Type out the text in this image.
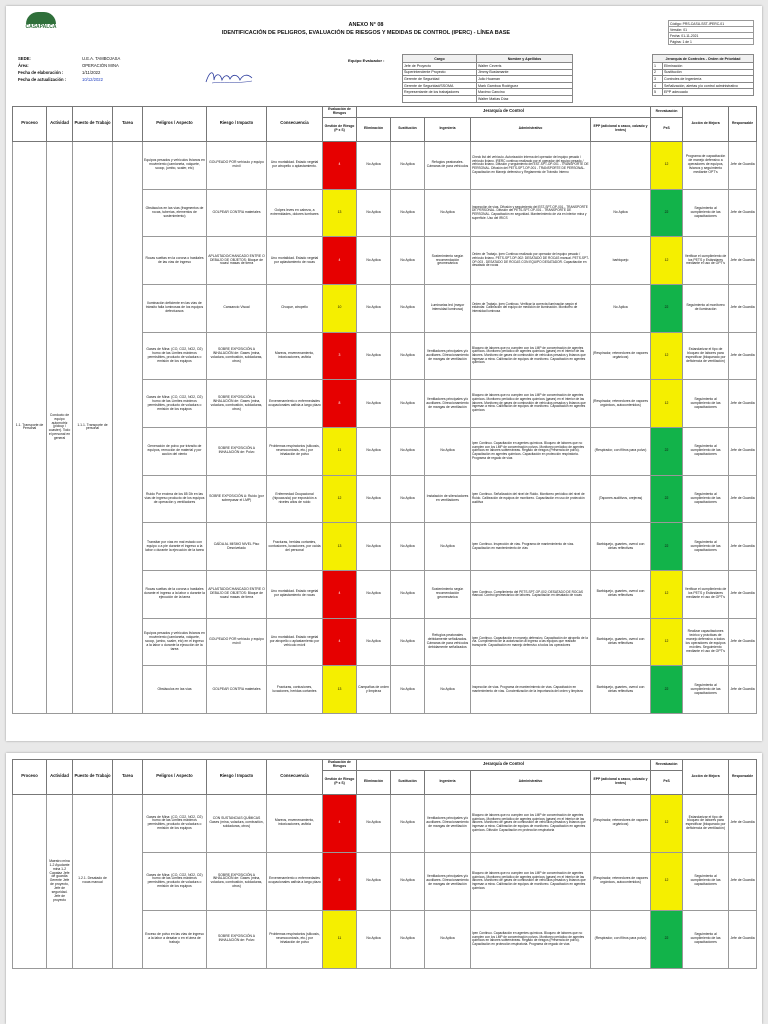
CASAPALCA	ANEXO N° 08
IDENTIFICACIÓN DE PELIGROS, EVALUACIÓN DE RIESGOS Y MEDIDAS DE CONTROL (IPERC) - LÍNEA BASE
Código: PRS-CASU-SST-IPERC-01
Versión: 01
Fecha: 01-11-2021
Página: 1 de 1
SEDE:	U.E.A. TAMBOJASA
Área:	OPERACIÓN MINA
Fecha de elaboración :	1/11/2022
Fecha de actualización :	10/12/2022
Equipo Evaluador :	Cargo	Nombre y Apellidos
Jefe de Proyecto	Walter Ceveris
Superintendente Proyecto	Jimmy Bustamante
Gerente de Seguridad	Julio Huaman
Gerente de Seguridad/SSOMA	Mark Gamboa Rodriguez
Representante de los trabajadores	Maximo Cancino
	Walter Matías Díaz
Jerarquía de Controles - Orden de Prioridad	
1	Eliminación
2	Sustitución
3	Controles de Ingeniería
4	Señalización, alertas y/o control administrativo
5	EPP adecuado
Proceso	Actividad	Puesto de Trabajo	Tarea	Peligros / Aspecto	Riesgo / Impacto	Consecuencia	Evaluación de Riesgos	Jerarquía de Control					Reevaluación	Acción de Mejora	Responsable
							Gestión de Riesgo (P x S)	Eliminación	Sustitución	Ingeniería	Administrativo	EPP (adicional a casco, calzado y lentes)	PxS		
1.1. Transporte de Personal	Conducto de equipo automotriz (pickup / coaster). Todo el personal en general	1.1.1. Transporte de personal		Equipos pesados y vehículos livianos en movimiento (camioneta, volquete, scoop, jumbo, scaler, etc)	GOLPEADO POR vehículo y equipo móvil	Uno mortalidad. Estado vegetal por atropello o aplastamiento.	4	No Aplica	No Aplica	Refugios peatonales. Cámaras de para vehículos	Check list del vehículo. Autorización interna del operador del equipo pesado / vehículo liviano. IRERC continuo realizado por el operador del equipo pesado / vehículo liviano. Difusión y seguimiento del EST-SPT-OP-001 - TRANSPORTE DE PERSONAL. Difusión del PETS-SPT-OP-001 - TRANSPORTE DE PERSONAL. Capacitación en Manejo defensivo y Reglamento de Tránsito Interno		12	Programa de capacitación de manejo defensivo a operadores de equipos, livianos y seguimiento mediante OPT's	Jefe de Guardia
				Obstáculos en las vías (fragmentos de rocas, tuberías, elementos de sostenimiento)	GOLPEAR CONTRA materiales	Golpes leves en cabeza, a extremidades, dolores lumbares	13	No Aplica	No Aplica	No Aplica	Inspección de vías. Difusión y seguimiento del EST-SPT-OP-001 - TRANSPORTE DE PERSONAL. Difusión del PETS-SPT-OP-001 - TRANSPORTE DE PERSONAL. Capacitación en seguridad. Mantenimiento de vía en interior mina y superficie. Uso del IRICS	No Aplica	22	Seguimiento al cumplimiento de las capacitaciones	Jefe de Guardia
				Rocas sueltas en la corona o hastiales de las vías de ingreso	APLASTADO/CHANCADO ENTRE O DEBAJO DE OBJETOS: Bloque de rocas/ masas de tierra	Uno mortalidad. Estado vegetal por aplastamiento de rocas	4	No Aplica	No Aplica	Sostenimiento según recomendación geomecánica	Orden de Trabajo. Ipen Continuo realizado por operador del equipo pesado / vehículo liviano. PETS-SPT-OP-002: DESATADO DE ROCAS manual. PETS-SPT-OP-003 - DESATADO DE ROCAS CON EQUIPO DESATADOR. Capacitación en desatado de rocas	barbiquejo	12	Verificar el cumplimiento de los PETS y Estándares mediante el uso de OPT's	Jefe de Guardia
				Iluminación deficiente en las vías de tránsito falla luminosas de los equipos defectuosos	Cansancio Visual	Choque, atropello	10	No Aplica	No Aplica	Luminarias led (mayor intensidad luminosa)	Orden de Trabajo. Ipen Continuo. Verificar la correcta iluminación según el estándar. Calibración del equipo de medición de iluminación. Monitoreo de intensidad luminosa	No Aplica	22	Seguimiento al monitoreo de iluminación	Jefe de Guardia
				Gases de Mina: (CO, CO2, NO2, O2) humo de las Limites máximos permisibles, producto de voladura o emisión de los equipos	SOBRE EXPOSICIÓN A INHALACIÓN de: Gases (mina, voladura, combustión, soldaduras, otros)	Mareos, envenenamiento, intoxicaciones, asfixia	3	No Aplica	No Aplica	Ventiladores principales y/o auxiliares. Direccionamiento de mangas de ventilación	Bloqueo de labores que no cumplen con los LMP de concentración de agentes químicos. Monitoreo periódico de agentes químicos (gases) en el interior de las labores. Monitoreo de gases de combustión de vehículos pesados y livianos que ingresan a mina. Calibración de equipos de monitoreo. Capacitación en agentes químicos	(Respirador, retenedores de vapores orgánicos)	12	Estandarizar el tipo de bloqueo de labores para especificar (bloqueado por deficiencia de ventilación)	Jefe de Guardia
				Gases de Mina: (CO, CO2, NO2, O2) humo de las Limites máximos permisibles, producto de voladura o emisión de los equipos	SOBRE EXPOSICIÓN A INHALACIÓN de: Gases (mina, voladura, combustión, soldaduras, otros)	Envenenamiento o enfermedades ocupacionales asfixia a largo plazo	8	No Aplica	No Aplica	Ventiladores principales y/o auxiliares. Direccionamiento de mangas de ventilación	Bloqueo de labores que no cumplen con los LMP de concentración de agentes químicos. Monitoreo periódico de agentes químicos (gases) en el interior de las labores. Monitoreo de gases de combustión de vehículos pesados y livianos que ingresan a mina. Calibración de equipos de monitoreo. Capacitación en agentes químicos	(Respirador, retenedores de vapores orgánicos, autocontenidos)	12	Seguimiento al cumplimiento de las capacitaciones	Jefe de Guardia
				Generación de polvo por tránsito de equipos, remoción de material y por acción del viento	SOBRE EXPOSICIÓN A INHALACIÓN de: Polvo	Problemas respiratorios (silicosis, neumoconiosis, etc.) por inhalación de polvo	11	No Aplica	No Aplica	No Aplica	Ipen Continuo. Capacitación en agentes químicos. Bloqueo de labores que no cumplen con los LMP de concentración polvos. Monitoreo periódico de agentes químicos en labores subterráneas. Regado de riesgos (Presencia de polvo). Capacitación en agentes químicos. Capacitación en protección respiratoria. Programa de regado de vías	(Respirador, con filtros para polvo)	22	Seguimiento al cumplimiento de las capacitaciones	Jefe de Guardia
				Ruido Por encima de los 85 Db en las vías de ingreso producto de los equipos de operación y ventiladores	SOBRE EXPOSICIÓN A: Ruido (por sobrepasar el LMP)	Enfermedad Ocupacional (hipoacusia) por exposición a niveles altos de ruido	12	No Aplica	No Aplica	Instalación de silenciadores en ventiladores	Ipen Continuo. Señalización del nivel de Ruido. Monitoreo periódico del nivel de Ruido. Calibración de equipos de monitoreo. Capacitación en uso de protección auditiva	(Tapones auditivos, orejeras)	22	Seguimiento al cumplimiento de las capacitaciones	Jefe de Guardia
				Transitar por vías en mal estado con equipo o a pie durante el ingreso a la labor o durante la ejecución de la tarea	CAÍDA AL MISMO NIVEL Piso Desnivelado	Fracturas, heridas cortantes, contusiones, luxaciones, por caída del personal	13	No Aplica	No Aplica	No Aplica	Ipen Continuo. Inspección de vías. Programa de mantenimiento de vías. Capacitación en mantenimiento de vías	Barbiquejo, guantes, overol con cintas reflectivas	22	Seguimiento al cumplimiento de las capacitaciones	Jefe de Guardia
				Rocas sueltas de la corona o hastiales durante el ingreso a la labor o durante la ejecución de la tarea	APLASTADO/CHANCADO ENTRE O DEBAJO DE OBJETOS: Bloque de rocas/ masas de tierra	Uno mortalidad. Estado vegetal por aplastamiento de rocas	4	No Aplica	No Aplica	Sostenimiento según recomendación geomecánica	Ipen Continuo. Cumplimiento del PETS-SPT-OP-002: DESATADO DE ROCAS manual. Control geomecánico de labores. Capacitación en desatado de rocas	Barbiquejo, guantes, overol con cintas reflectivas	12	Verificar el cumplimiento de los PETS y Estándares mediante el uso de OPT's	Jefe de Guardia
				Equipos pesados y vehículos livianos en movimiento (camioneta, volquete, scoop, jumbo, scaler, etc) en el ingreso a la labor o durante la ejecución de la tarea	GOLPEADO POR vehículo y equipo móvil	Uno mortalidad. Estado vegetal por atropello o aplastamiento por vehículo móvil	4	No Aplica	No Aplica	Refugios peatonales debidamente señalizados. Cámaras de para vehículos debidamente señalizados	Ipen Continuo. Capacitación en manejo defensivo. Capacitación de atropello de la vía. Cumplimiento de la autorización al ingreso a las equipos que realizan transporte. Capacitación en manejo defensivo a todos los operadores	Barbiquejo, guantes, overol con cintas reflectivas	12	Realizar capacitaciones teórico y prácticas de manejo defensivo a todos los operadores de equipos móviles. Seguimiento mediante el uso de OPT's	Jefe de Guardia
				Obstáculos en las vías	GOLPEAR CONTRA materiales	Fracturas, contusiones, luxaciones, heridas cortantes	13	Campañas de orden y limpieza	No Aplica	No Aplica	Inspección de vías. Programa de mantenimiento de vías. Capacitación en mantenimiento de vías. Concientización de la importancia del orden y limpieza	Barbiquejo, guantes, overol con cintas reflectivas	22	Seguimiento al cumplimiento de las capacitaciones	Jefe de Guardia
Proceso	Actividad	Puesto de Trabajo	Tarea	Peligros / Aspecto	Riesgo / Impacto	Consecuencia	Evaluación de Riesgos	Jerarquía de Control					Reevaluación	Acción de Mejora	Responsable
							Gestión de Riesgo (P x S)	Eliminación	Sustitución	Ingeniería	Administrativo	EPP (adicional a casco, calzado y lentes)	PxS		
	Maestro mina 1-2 Ayudante mina 1-2 Capataz Jefe de guardia Gerente Jefe de proyecto, Jefe de seguridad. Jefe de proyecto	1.2.1. Desatado de rocas manual		Gases de Mina: (CO, CO2, NO2, O2) humo de las Limites máximos permisibles, producto de voladura o emisión de los equipos	CON SUSTANCIAS QUÍMICAS Gases (mina, voladura, combustión, soldaduras, otros)	Mareos, envenenamiento, intoxicaciones, asfixia	4	No Aplica	No Aplica	Ventiladores principales y/o auxiliares. Direccionamiento de mangas de ventilación	Bloqueo de labores que no cumplen con los LMP de concentración de agentes químicos. Monitoreo periódico de agentes químicos (gases) en el interior de las labores. Monitoreo de gases de combustión de vehículos pesados y livianos que ingresan a mina. Calibración de equipos de monitoreo. Capacitación en agentes químicos. Difusión Capacitación en protección respiratoria	(Respirador, retenedores de vapores orgánicos)	12	Estandarizar el tipo de bloqueo de labores para especificar (bloqueado por deficiencia de ventilación)	Jefe de Guardia
				Gases de Mina: (CO, CO2, NO2, O2) humo de las Limites máximos permisibles, producto de voladura o emisión de los equipos	SOBRE EXPOSICIÓN A INHALACIÓN de: Gases (mina, voladura, combustión, soldaduras, otros)	Envenenamiento o enfermedades ocupacionales asfixia a largo plazo	8	No Aplica	No Aplica	Ventiladores principales y/o auxiliares. Direccionamiento de mangas de ventilación	Bloqueo de labores que no cumplen con los LMP de concentración de agentes químicos. Monitoreo periódico de agentes químicos (gases) en el interior de las labores. Monitoreo de gases de combustión de vehículos pesados y livianos que ingresan a mina. Calibración de equipos de monitoreo. Capacitación en agentes químicos	(Respirador, retenedores de vapores orgánicos, autocontenidos)	12	Seguimiento al cumplimiento de las capacitaciones	Jefe de Guardia
				Exceso de polvo en las vías de ingreso a la labor a desatar o en el área de trabajo	SOBRE EXPOSICIÓN A INHALACIÓN de: Polvo	Problemas respiratorios (silicosis, neumoconiosis, etc.) por inhalación de polvo	11	No Aplica	No Aplica	No Aplica	Ipen Continuo. Capacitación en agentes químicos. Bloqueo de labores que no cumplen con los LMP de concentración polvos. Monitoreo periódico de agentes químicos en labores subterráneas. Regado de riesgos (Presencia de polvo). Capacitación en protección respiratoria. Programa de regado de vías	(Respirador, con filtros para polvo)	22	Seguimiento al cumplimiento de las capacitaciones	Jefe de Guardia
